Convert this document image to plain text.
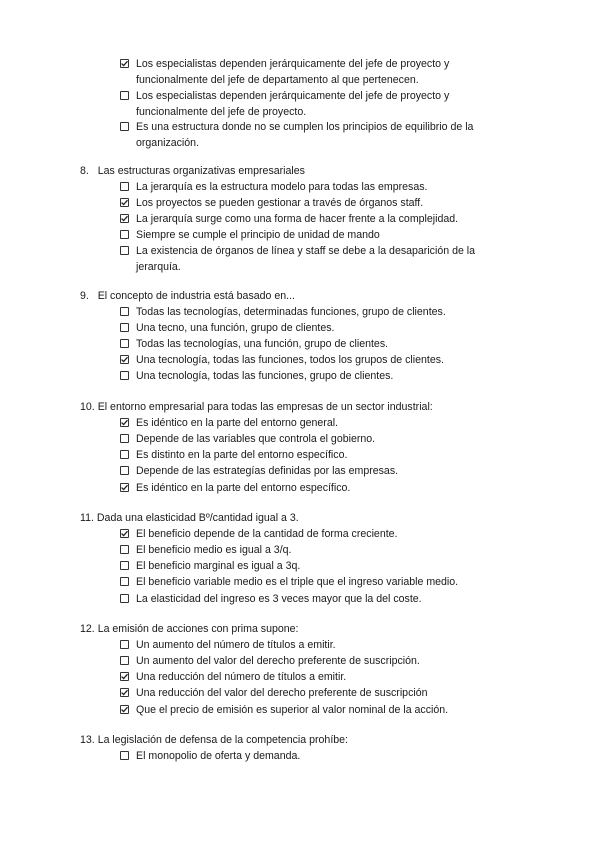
Los especialistas dependen jerárquicamente del jefe de proyecto y funcionalmente del jefe de departamento al que pertenecen.
Los especialistas dependen jerárquicamente del jefe de proyecto y funcionalmente del jefe de proyecto.
Es una estructura donde no se cumplen los principios de equilibrio de la organización.
8. Las estructuras organizativas empresariales
La jerarquía es la estructura modelo para todas las empresas.
Los proyectos se pueden gestionar a través de órganos staff.
La jerarquía surge como una forma de hacer frente a la complejidad.
Siempre se cumple el principio de unidad de mando
La existencia de órganos de línea y staff se debe a la desaparición de la jerarquía.
9. El concepto de industria está basado en...
Todas las tecnologías, determinadas funciones, grupo de clientes.
Una tecno, una función, grupo de clientes.
Todas las tecnologías, una función, grupo de clientes.
Una tecnología, todas las funciones, todos los grupos de clientes.
Una tecnología, todas las funciones, grupo de clientes.
10. El entorno empresarial para todas las empresas de un sector industrial:
Es idéntico en la parte del entorno general.
Depende de las variables que controla el gobierno.
Es distinto en la parte del entorno específico.
Depende de las estrategías definidas por las empresas.
Es idéntico en la parte del entorno específico.
11. Dada una elasticidad Bº/cantidad igual a 3.
El beneficio depende de la cantidad de forma creciente.
El beneficio medio es igual a 3/q.
El beneficio marginal es igual a 3q.
El beneficio variable medio es el triple que el ingreso variable medio.
La elasticidad del ingreso es 3 veces mayor que la del coste.
12. La emisión de acciones con prima supone:
Un aumento del número de títulos a emitir.
Un aumento del valor del derecho preferente de suscripción.
Una reducción del número de títulos a emitir.
Una reducción del valor del derecho preferente de suscripción
Que el precio de emisión es superior al valor nominal de la acción.
13. La legislación de defensa de la competencia prohíbe:
El monopolio de oferta y demanda.
